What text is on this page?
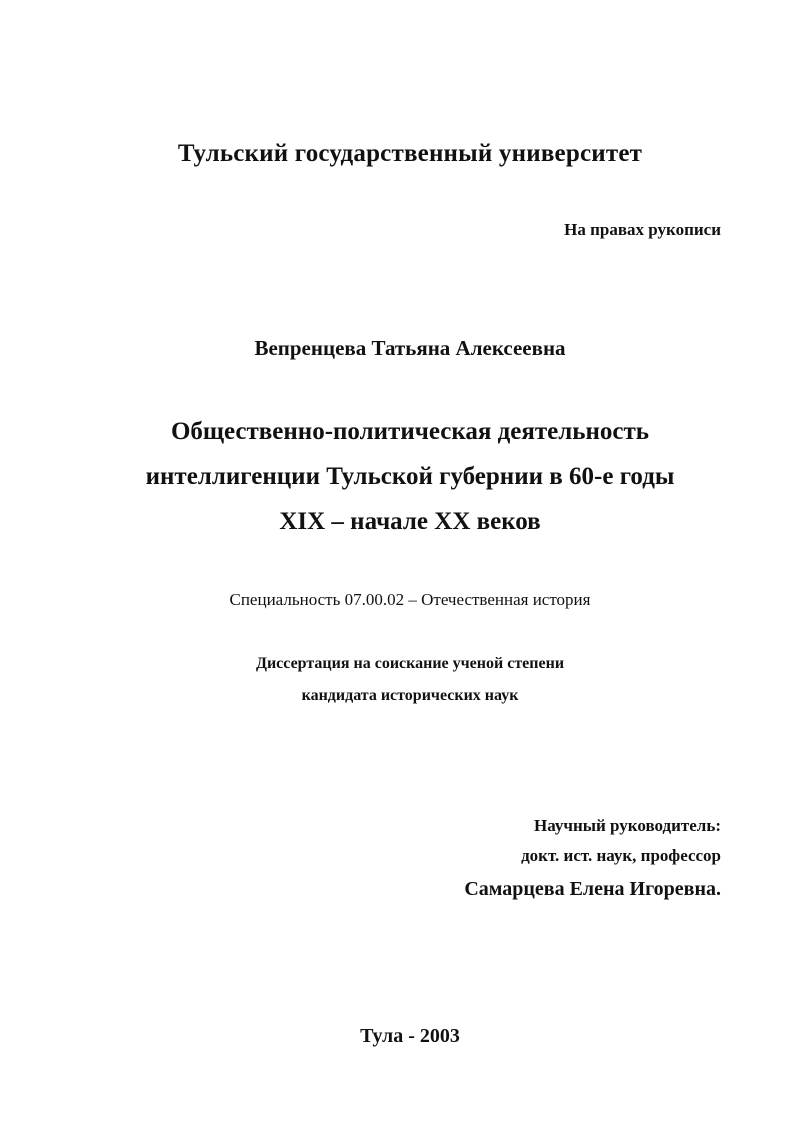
Тульский государственный университет
На правах рукописи
Вепренцева Татьяна Алексеевна
Общественно-политическая деятельность
интеллигенции Тульской губернии в 60-е годы
XIX – начале XX веков
Специальность 07.00.02 – Отечественная история
Диссертация на соискание ученой степени
кандидата исторических наук
Научный руководитель:
докт. ист. наук, профессор
Самарцева Елена Игоревна.
Тула - 2003
